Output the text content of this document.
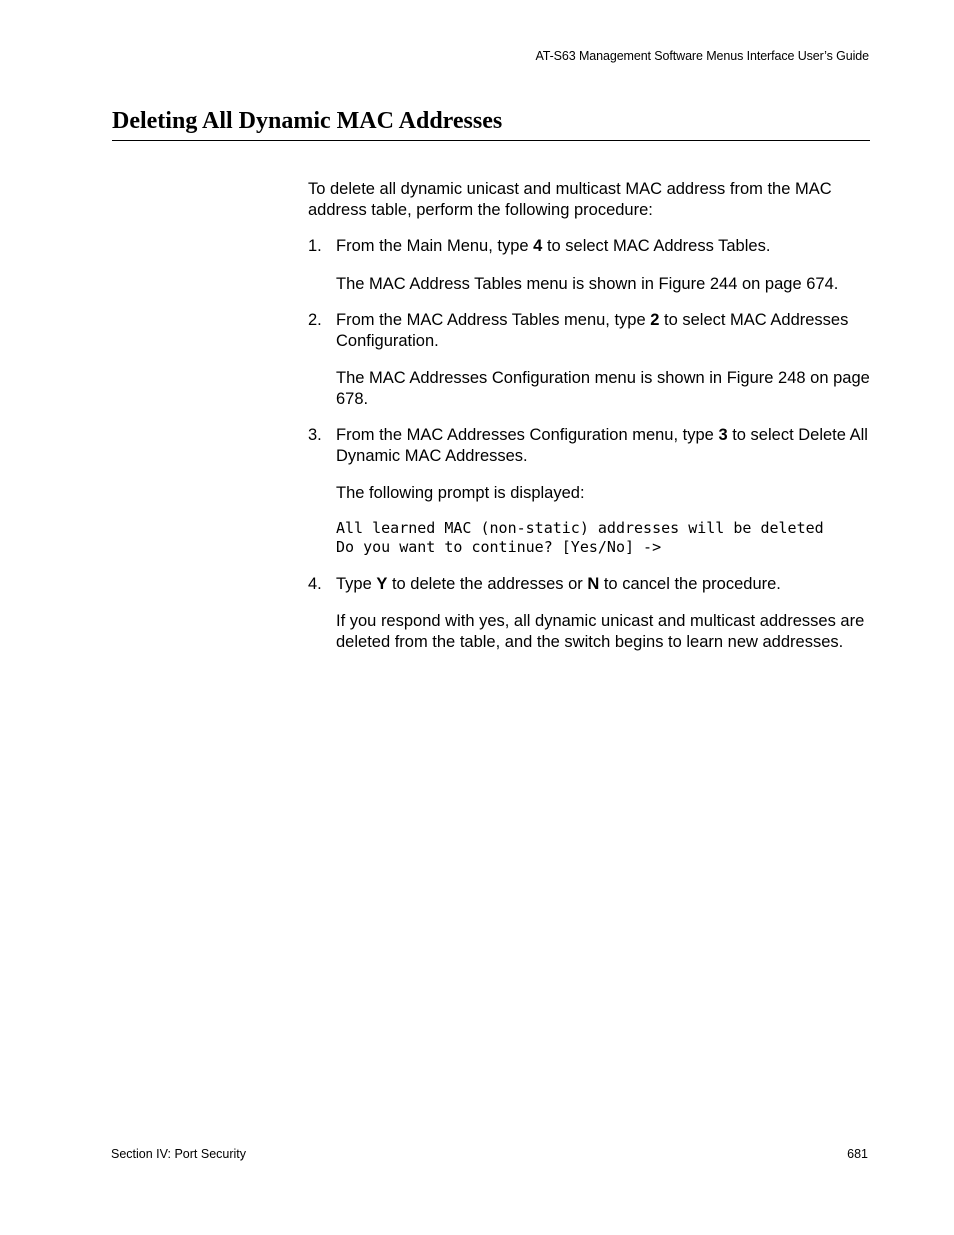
AT-S63 Management Software Menus Interface User’s Guide
Deleting All Dynamic MAC Addresses

To delete all dynamic unicast and multicast MAC address from the MAC address table, perform the following procedure:

1. From the Main Menu, type 4 to select MAC Address Tables.

The MAC Address Tables menu is shown in Figure 244 on page 674.

2. From the MAC Address Tables menu, type 2 to select MAC Addresses Configuration.

The MAC Addresses Configuration menu is shown in Figure 248 on page 678.

3. From the MAC Addresses Configuration menu, type 3 to select Delete All Dynamic MAC Addresses.

The following prompt is displayed:

All learned MAC (non-static) addresses will be deleted
Do you want to continue? [Yes/No] ->
4. Type Y to delete the addresses or N to cancel the procedure.

If you respond with yes, all dynamic unicast and multicast addresses are deleted from the table, and the switch begins to learn new addresses.

Section IV: Port Security	681
